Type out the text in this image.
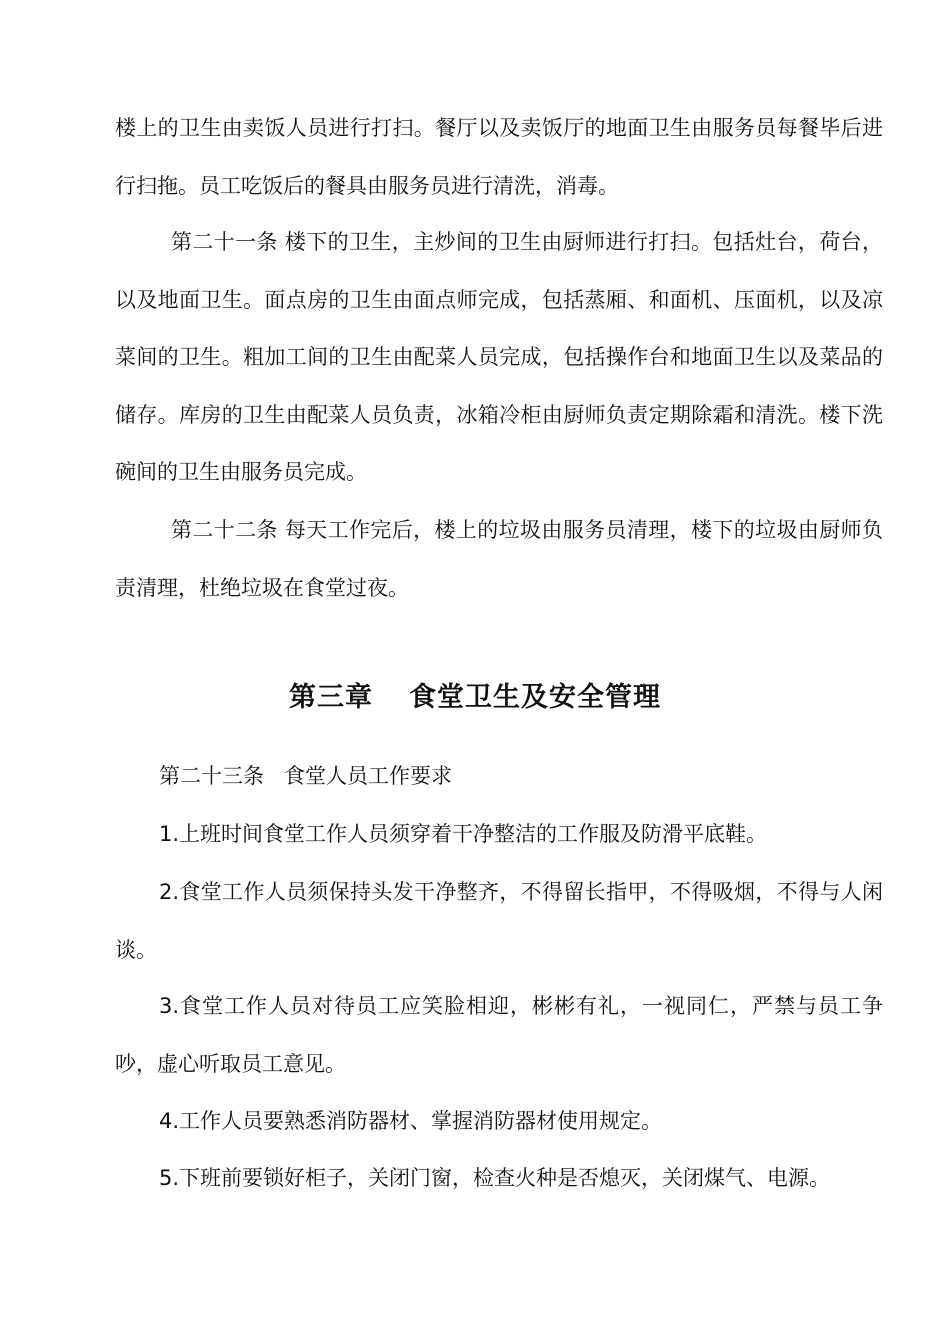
楼上的卫生由卖饭人员进行打扫。餐厅以及卖饭厅的地面卫生由服务员每餐毕后进行扫拖。员工吃饭后的餐具由服务员进行清洗，消毒。

第二十一条 楼下的卫生，主炒间的卫生由厨师进行打扫。包括灶台，荷台，以及地面卫生。面点房的卫生由面点师完成，包括蒸厢、和面机、压面机，以及凉菜间的卫生。粗加工间的卫生由配菜人员完成，包括操作台和地面卫生以及菜品的储存。库房的卫生由配菜人员负责，冰箱冷柜由厨师负责定期除霜和清洗。楼下洗碗间的卫生由服务员完成。

第二十二条 每天工作完后，楼上的垃圾由服务员清理，楼下的垃圾由厨师负责清理，杜绝垃圾在食堂过夜。

第三章 食堂卫生及安全管理

第二十三条   食堂人员工作要求

1.上班时间食堂工作人员须穿着干净整洁的工作服及防滑平底鞋。

2.食堂工作人员须保持头发干净整齐，不得留长指甲，不得吸烟，不得与人闲谈。

3.食堂工作人员对待员工应笑脸相迎，彬彬有礼，一视同仁，严禁与员工争吵，虚心听取员工意见。

4.工作人员要熟悉消防器材、掌握消防器材使用规定。

5.下班前要锁好柜子，关闭门窗，检查火种是否熄灭，关闭煤气、电源。
